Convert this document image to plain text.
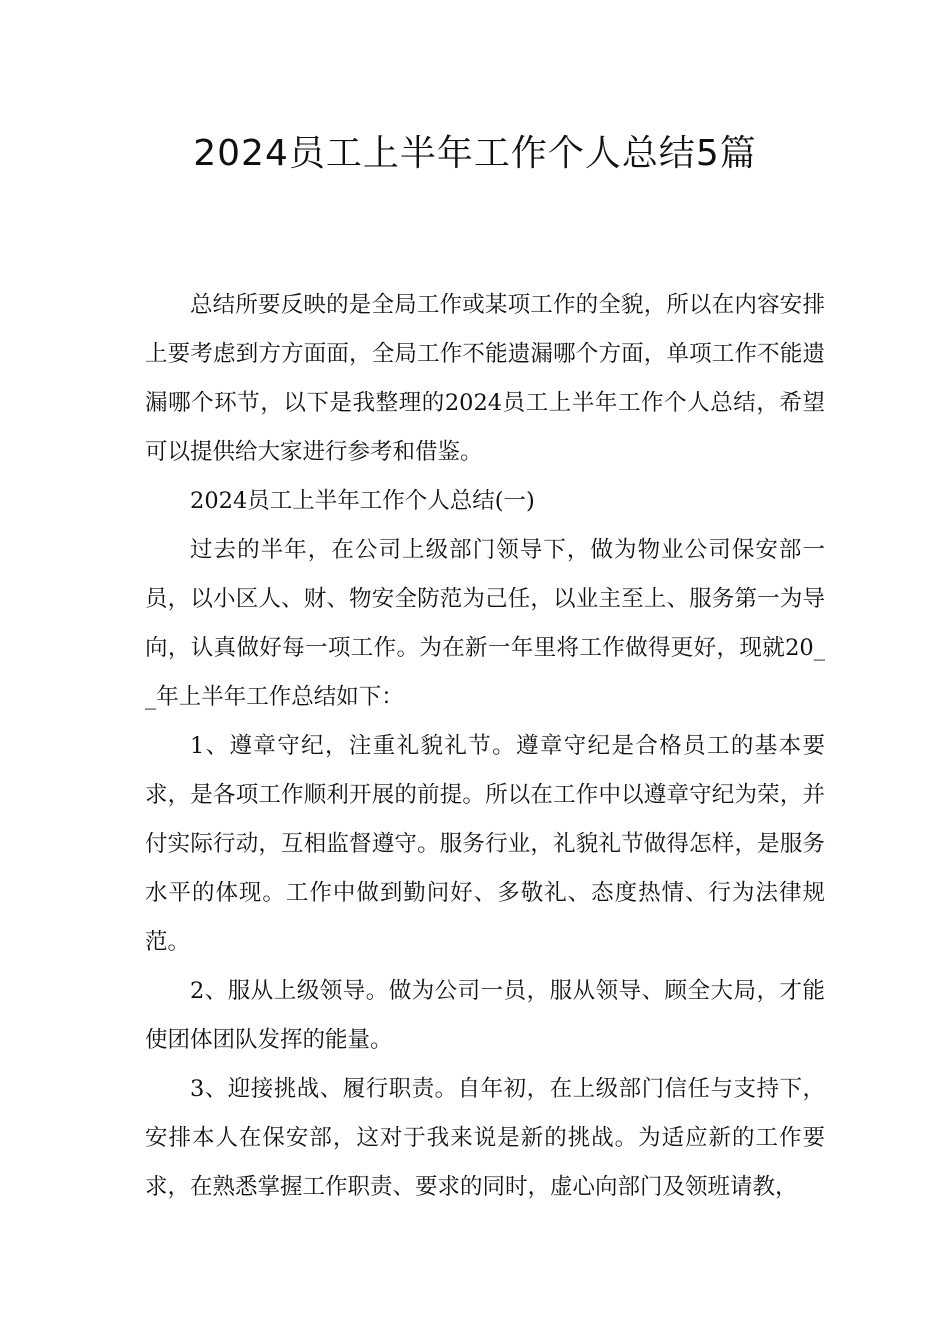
2024员工上半年工作个人总结5篇

总结所要反映的是全局工作或某项工作的全貌，所以在内容安排上要考虑到方方面面，全局工作不能遗漏哪个方面，单项工作不能遗漏哪个环节，以下是我整理的2024员工上半年工作个人总结，希望可以提供给大家进行参考和借鉴。

2024员工上半年工作个人总结(一)

过去的半年，在公司上级部门领导下，做为物业公司保安部一员，以小区人、财、物安全防范为己任，以业主至上、服务第一为导向，认真做好每一项工作。为在新一年里将工作做得更好，现就20__年上半年工作总结如下：

1、遵章守纪，注重礼貌礼节。遵章守纪是合格员工的基本要求，是各项工作顺利开展的前提。所以在工作中以遵章守纪为荣，并付实际行动，互相监督遵守。服务行业，礼貌礼节做得怎样，是服务水平的体现。工作中做到勤问好、多敬礼、态度热情、行为法律规范。

2、服从上级领导。做为公司一员，服从领导、顾全大局，才能使团体团队发挥的能量。

3、迎接挑战、履行职责。自年初，在上级部门信任与支持下，安排本人在保安部，这对于我来说是新的挑战。为适应新的工作要求，在熟悉掌握工作职责、要求的同时，虚心向部门及领班请教，
